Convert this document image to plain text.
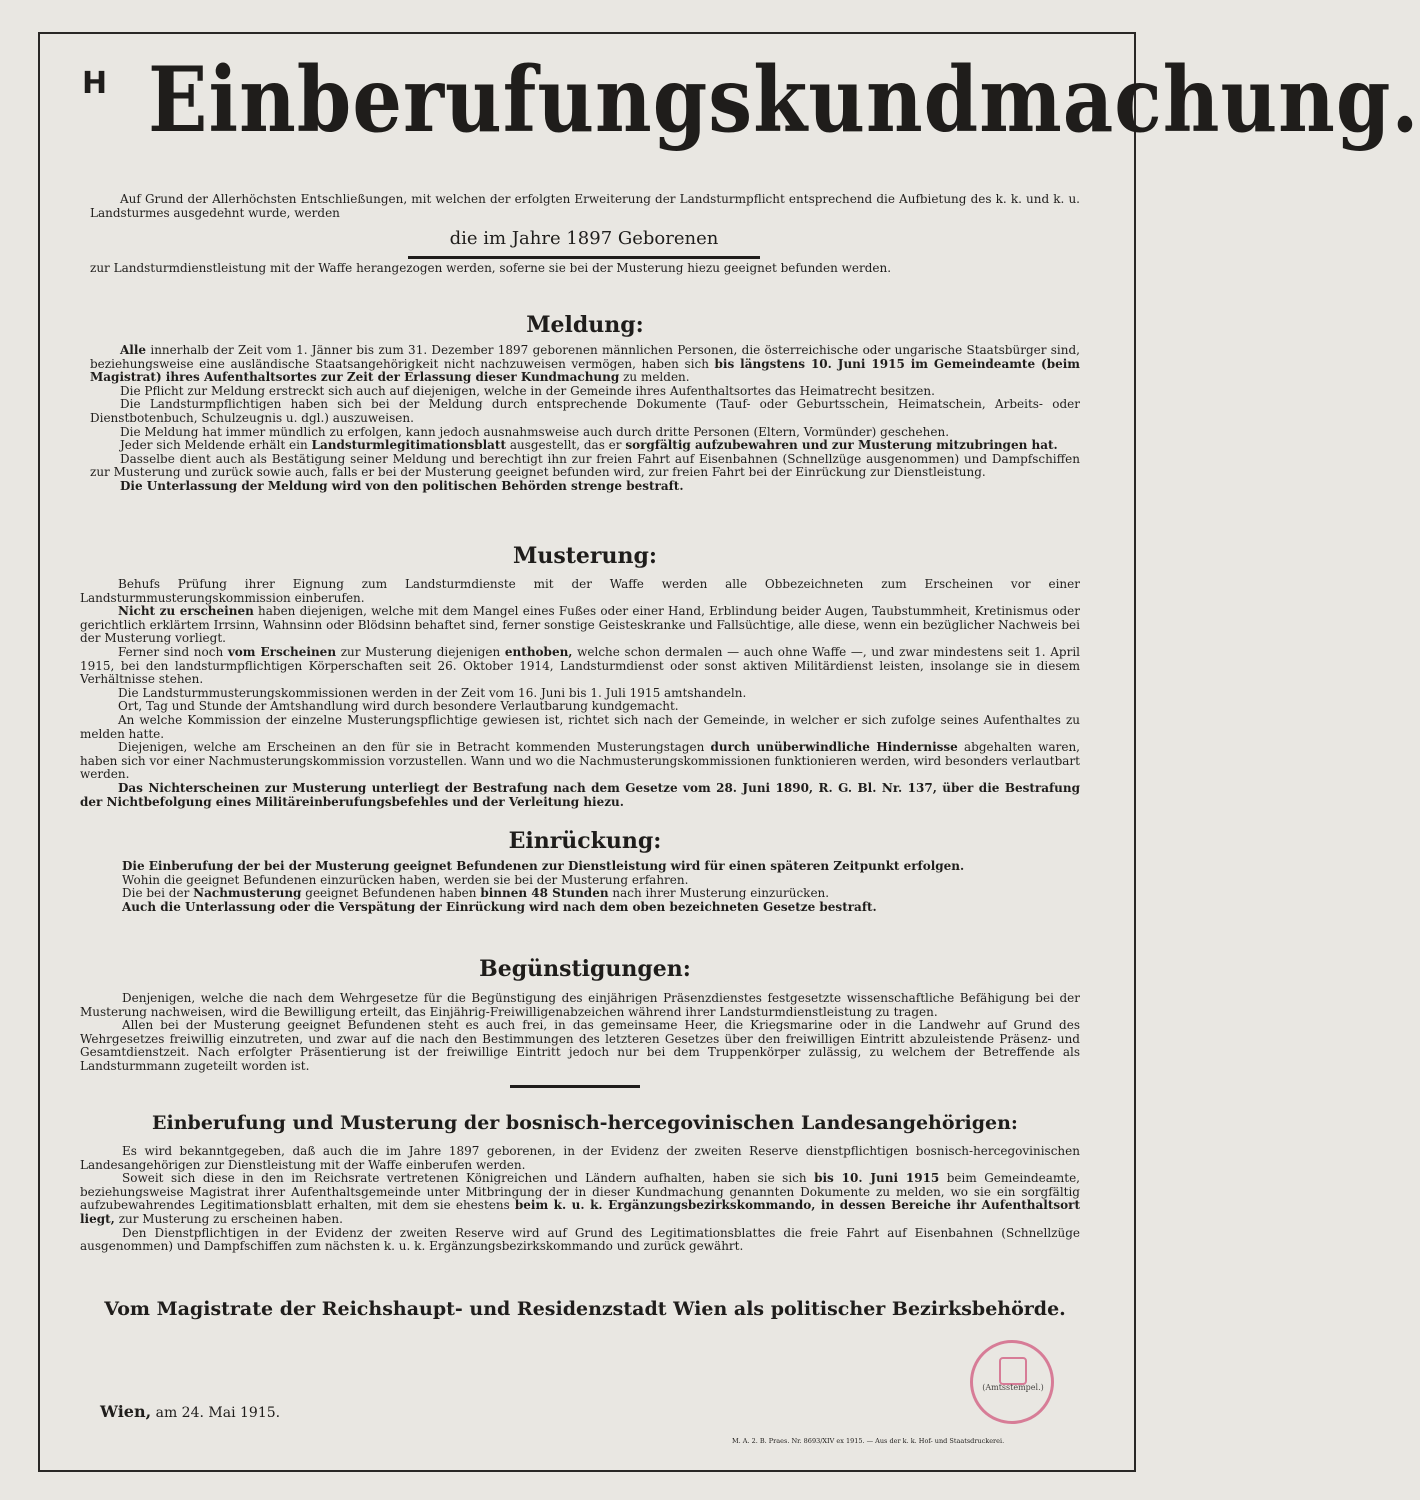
H Einberufungskundmachung.
Auf Grund der Allerhöchsten Entschließungen, mit welchen der erfolgten Erweiterung der Landsturmpflicht entsprechend die Aufbietung des k. k. und k. u. Landsturmes ausgedehnt wurde, werden
die im Jahre 1897 Geborenen
zur Landsturmdienstleistung mit der Waffe herangezogen werden, soferne sie bei der Musterung hiezu geeignet befunden werden.
Meldung:
Alle innerhalb der Zeit vom 1. Jänner bis zum 31. Dezember 1897 geborenen männlichen Personen, die österreichische oder ungarische Staatsbürger sind, beziehungsweise eine ausländische Staatsangehörigkeit nicht nachzuweisen vermögen, haben sich bis längstens 10. Juni 1915 im Gemeindeamte (beim Magistrat) ihres Aufenthaltsortes zur Zeit der Erlassung dieser Kundmachung zu melden.
Die Pflicht zur Meldung erstreckt sich auch auf diejenigen, welche in der Gemeinde ihres Aufenthaltsortes das Heimatrecht besitzen.
Die Landsturmpflichtigen haben sich bei der Meldung durch entsprechende Dokumente (Tauf- oder Geburtsschein, Heimatschein, Arbeits- oder Dienstbotenbuch, Schulzeugnis u. dgl.) auszuweisen.
Die Meldung hat immer mündlich zu erfolgen, kann jedoch ausnahmsweise auch durch dritte Personen (Eltern, Vormünder) geschehen.
Jeder sich Meldende erhält ein Landsturmlegitimationsblatt ausgestellt, das er sorgfältig aufzubewahren und zur Musterung mitzubringen hat.
Dasselbe dient auch als Bestätigung seiner Meldung und berechtigt ihn zur freien Fahrt auf Eisenbahnen (Schnellzüge ausgenommen) und Dampfschiffen zur Musterung und zurück sowie auch, falls er bei der Musterung geeignet befunden wird, zur freien Fahrt bei der Einrückung zur Dienstleistung.
Die Unterlassung der Meldung wird von den politischen Behörden strenge bestraft.
Musterung:
Behufs Prüfung ihrer Eignung zum Landsturmdienste mit der Waffe werden alle Obbezeichneten zum Erscheinen vor einer Landsturmmusterungskommission einberufen.
Nicht zu erscheinen haben diejenigen, welche mit dem Mangel eines Fußes oder einer Hand, Erblindung beider Augen, Taubstummheit, Kretinismus oder gerichtlich erklärtem Irrsinn, Wahnsinn oder Blödsinn behaftet sind, ferner sonstige Geisteskranke und Fallsüchtige, alle diese, wenn ein bezüglicher Nachweis bei der Musterung vorliegt.
Ferner sind noch vom Erscheinen zur Musterung diejenigen enthoben, welche schon dermalen — auch ohne Waffe —, und zwar mindestens seit 1. April 1915, bei den landsturmpflichtigen Körperschaften seit 26. Oktober 1914, Landsturmdienst oder sonst aktiven Militärdienst leisten, insolange sie in diesem Verhältnisse stehen.
Die Landsturmmusterungskommissionen werden in der Zeit vom 16. Juni bis 1. Juli 1915 amtshandeln.
Ort, Tag und Stunde der Amtshandlung wird durch besondere Verlautbarung kundgemacht.
An welche Kommission der einzelne Musterungspflichtige gewiesen ist, richtet sich nach der Gemeinde, in welcher er sich zufolge seines Aufenthaltes zu melden hatte.
Diejenigen, welche am Erscheinen an den für sie in Betracht kommenden Musterungstagen durch unüberwindliche Hindernisse abgehalten waren, haben sich vor einer Nachmusterungskommission vorzustellen. Wann und wo die Nachmusterungskommissionen funktionieren werden, wird besonders verlautbart werden.
Das Nichterscheinen zur Musterung unterliegt der Bestrafung nach dem Gesetze vom 28. Juni 1890, R. G. Bl. Nr. 137, über die Bestrafung der Nichtbefolgung eines Militäreinberufungsbefehles und der Verleitung hiezu.
Einrückung:
Die Einberufung der bei der Musterung geeignet Befundenen zur Dienstleistung wird für einen späteren Zeitpunkt erfolgen.
Wohin die geeignet Befundenen einzurücken haben, werden sie bei der Musterung erfahren.
Die bei der Nachmusterung geeignet Befundenen haben binnen 48 Stunden nach ihrer Musterung einzurücken.
Auch die Unterlassung oder die Verspätung der Einrückung wird nach dem oben bezeichneten Gesetze bestraft.
Begünstigungen:
Denjenigen, welche die nach dem Wehrgesetze für die Begünstigung des einjährigen Präsenzdienstes festgesetzte wissenschaftliche Befähigung bei der Musterung nachweisen, wird die Bewilligung erteilt, das Einjährig-Freiwilligenabzeichen während ihrer Landsturmdienstleistung zu tragen.
Allen bei der Musterung geeignet Befundenen steht es auch frei, in das gemeinsame Heer, die Kriegsmarine oder in die Landwehr auf Grund des Wehrgesetzes freiwillig einzutreten, und zwar auf die nach den Bestimmungen des letzteren Gesetzes über den freiwilligen Eintritt abzuleistende Präsenz- und Gesamtdienstzeit. Nach erfolgter Präsentierung ist der freiwillige Eintritt jedoch nur bei dem Truppenkörper zulässig, zu welchem der Betreffende als Landsturmmann zugeteilt worden ist.
Einberufung und Musterung der bosnisch-hercegovinischen Landesangehörigen:
Es wird bekanntgegeben, daß auch die im Jahre 1897 geborenen, in der Evidenz der zweiten Reserve dienstpflichtigen bosnisch-hercegovinischen Landesangehörigen zur Dienstleistung mit der Waffe einberufen werden.
Soweit sich diese in den im Reichsrate vertretenen Königreichen und Ländern aufhalten, haben sie sich bis 10. Juni 1915 beim Gemeindeamte, beziehungsweise Magistrat ihrer Aufenthaltsgemeinde unter Mitbringung der in dieser Kundmachung genannten Dokumente zu melden, wo sie ein sorgfältig aufzubewahrendes Legitimationsblatt erhalten, mit dem sie ehestens beim k. u. k. Ergänzungsbezirkskommando, in dessen Bereiche ihr Aufenthaltsort liegt, zur Musterung zu erscheinen haben.
Den Dienstpflichtigen in der Evidenz der zweiten Reserve wird auf Grund des Legitimationsblattes die freie Fahrt auf Eisenbahnen (Schnellzüge ausgenommen) und Dampfschiffen zum nächsten k. u. k. Ergänzungsbezirkskommando und zurück gewährt.
Vom Magistrate der Reichshaupt- und Residenzstadt Wien als politischer Bezirksbehörde.
(Amtsstempel.)
Wien, am 24. Mai 1915.
M. A. 2. B. Praes. Nr. 8693/XIV ex 1915. — Aus der k. k. Hof- und Staatsdruckerei.
